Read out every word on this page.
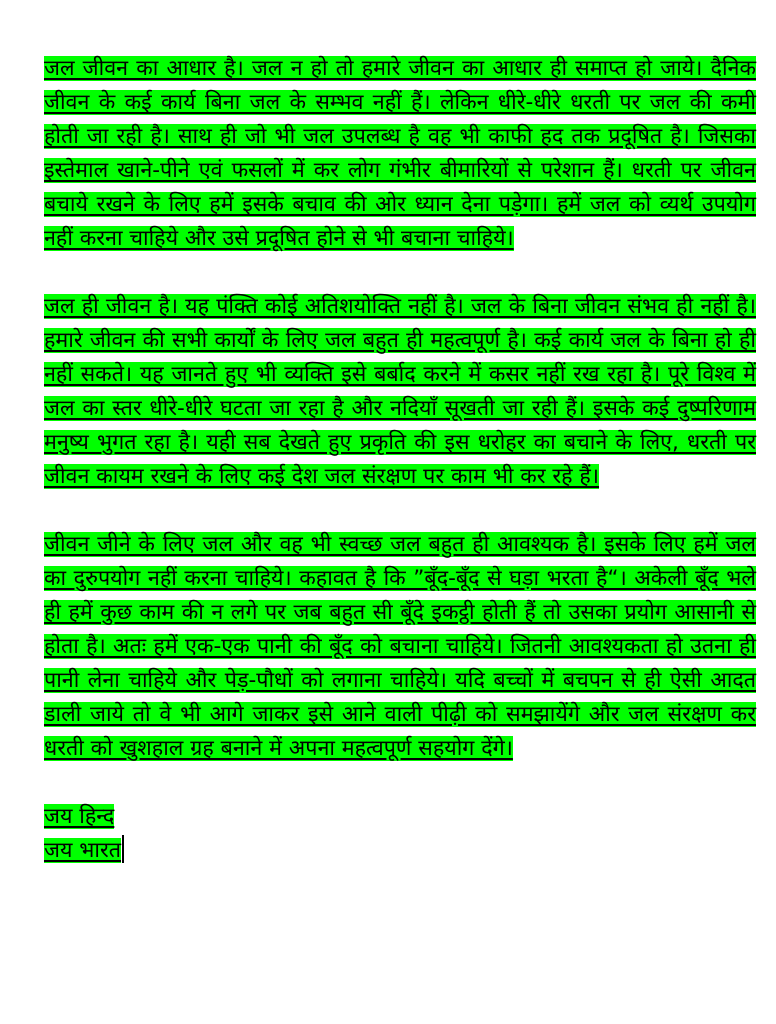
जल जीवन का आधार है। जल न हो तो हमारे जीवन का आधार ही समाप्त हो जाये। दैनिक जीवन के कई कार्य बिना जल के सम्भव नहीं हैं। लेकिन धीरे-धीरे धरती पर जल की कमी होती जा रही है। साथ ही जो भी जल उपलब्ध है वह भी काफी हद तक प्रदूषित है। जिसका इस्तेमाल खाने-पीने एवं फसलों में कर लोग गंभीर बीमारियों से परेशान हैं। धरती पर जीवन बचाये रखने के लिए हमें इसके बचाव की ओर ध्यान देना पड़ेगा। हमें जल को व्यर्थ उपयोग नहीं करना चाहिये और उसे प्रदूषित होने से भी बचाना चाहिये।

जल ही जीवन है। यह पंक्ति कोई अतिशयोक्ति नहीं है। जल के बिना जीवन संभव ही नहीं है। हमारे जीवन की सभी कार्यों के लिए जल बहुत ही महत्वपूर्ण है। कई कार्य जल के बिना हो ही नहीं सकते। यह जानते हुए भी व्यक्ति इसे बर्बाद करने में कसर नहीं रख रहा है। पूरे विश्व में जल का स्तर धीरे-धीरे घटता जा रहा है और नदियाँ सूखती जा रही हैं। इसके कई दुष्परिणाम मनुष्य भुगत रहा है। यही सब देखते हुए प्रकृति की इस धरोहर का बचाने के लिए, धरती पर जीवन कायम रखने के लिए कई देश जल संरक्षण पर काम भी कर रहे हैं।

जीवन जीने के लिए जल और वह भी स्वच्छ जल बहुत ही आवश्यक है। इसके लिए हमें जल का दुरुपयोग नहीं करना चाहिये। कहावत है कि ”बूँद-बूँद से घड़ा भरता है“। अकेली बूँद भले ही हमें कुछ काम की न लगे पर जब बहुत सी बूँदे इकट्ठी होती हैं तो उसका प्रयोग आसानी से होता है। अतः हमें एक-एक पानी की बूँद को बचाना चाहिये। जितनी आवश्यकता हो उतना ही पानी लेना चाहिये और पेड़-पौधों को लगाना चाहिये। यदि बच्चों में बचपन से ही ऐसी आदत डाली जाये तो वे भी आगे जाकर इसे आने वाली पीढ़ी को समझायेंगे और जल संरक्षण कर धरती को खुशहाल ग्रह बनाने में अपना महत्वपूर्ण सहयोग देंगे।

जय हिन्द
जय भारत
